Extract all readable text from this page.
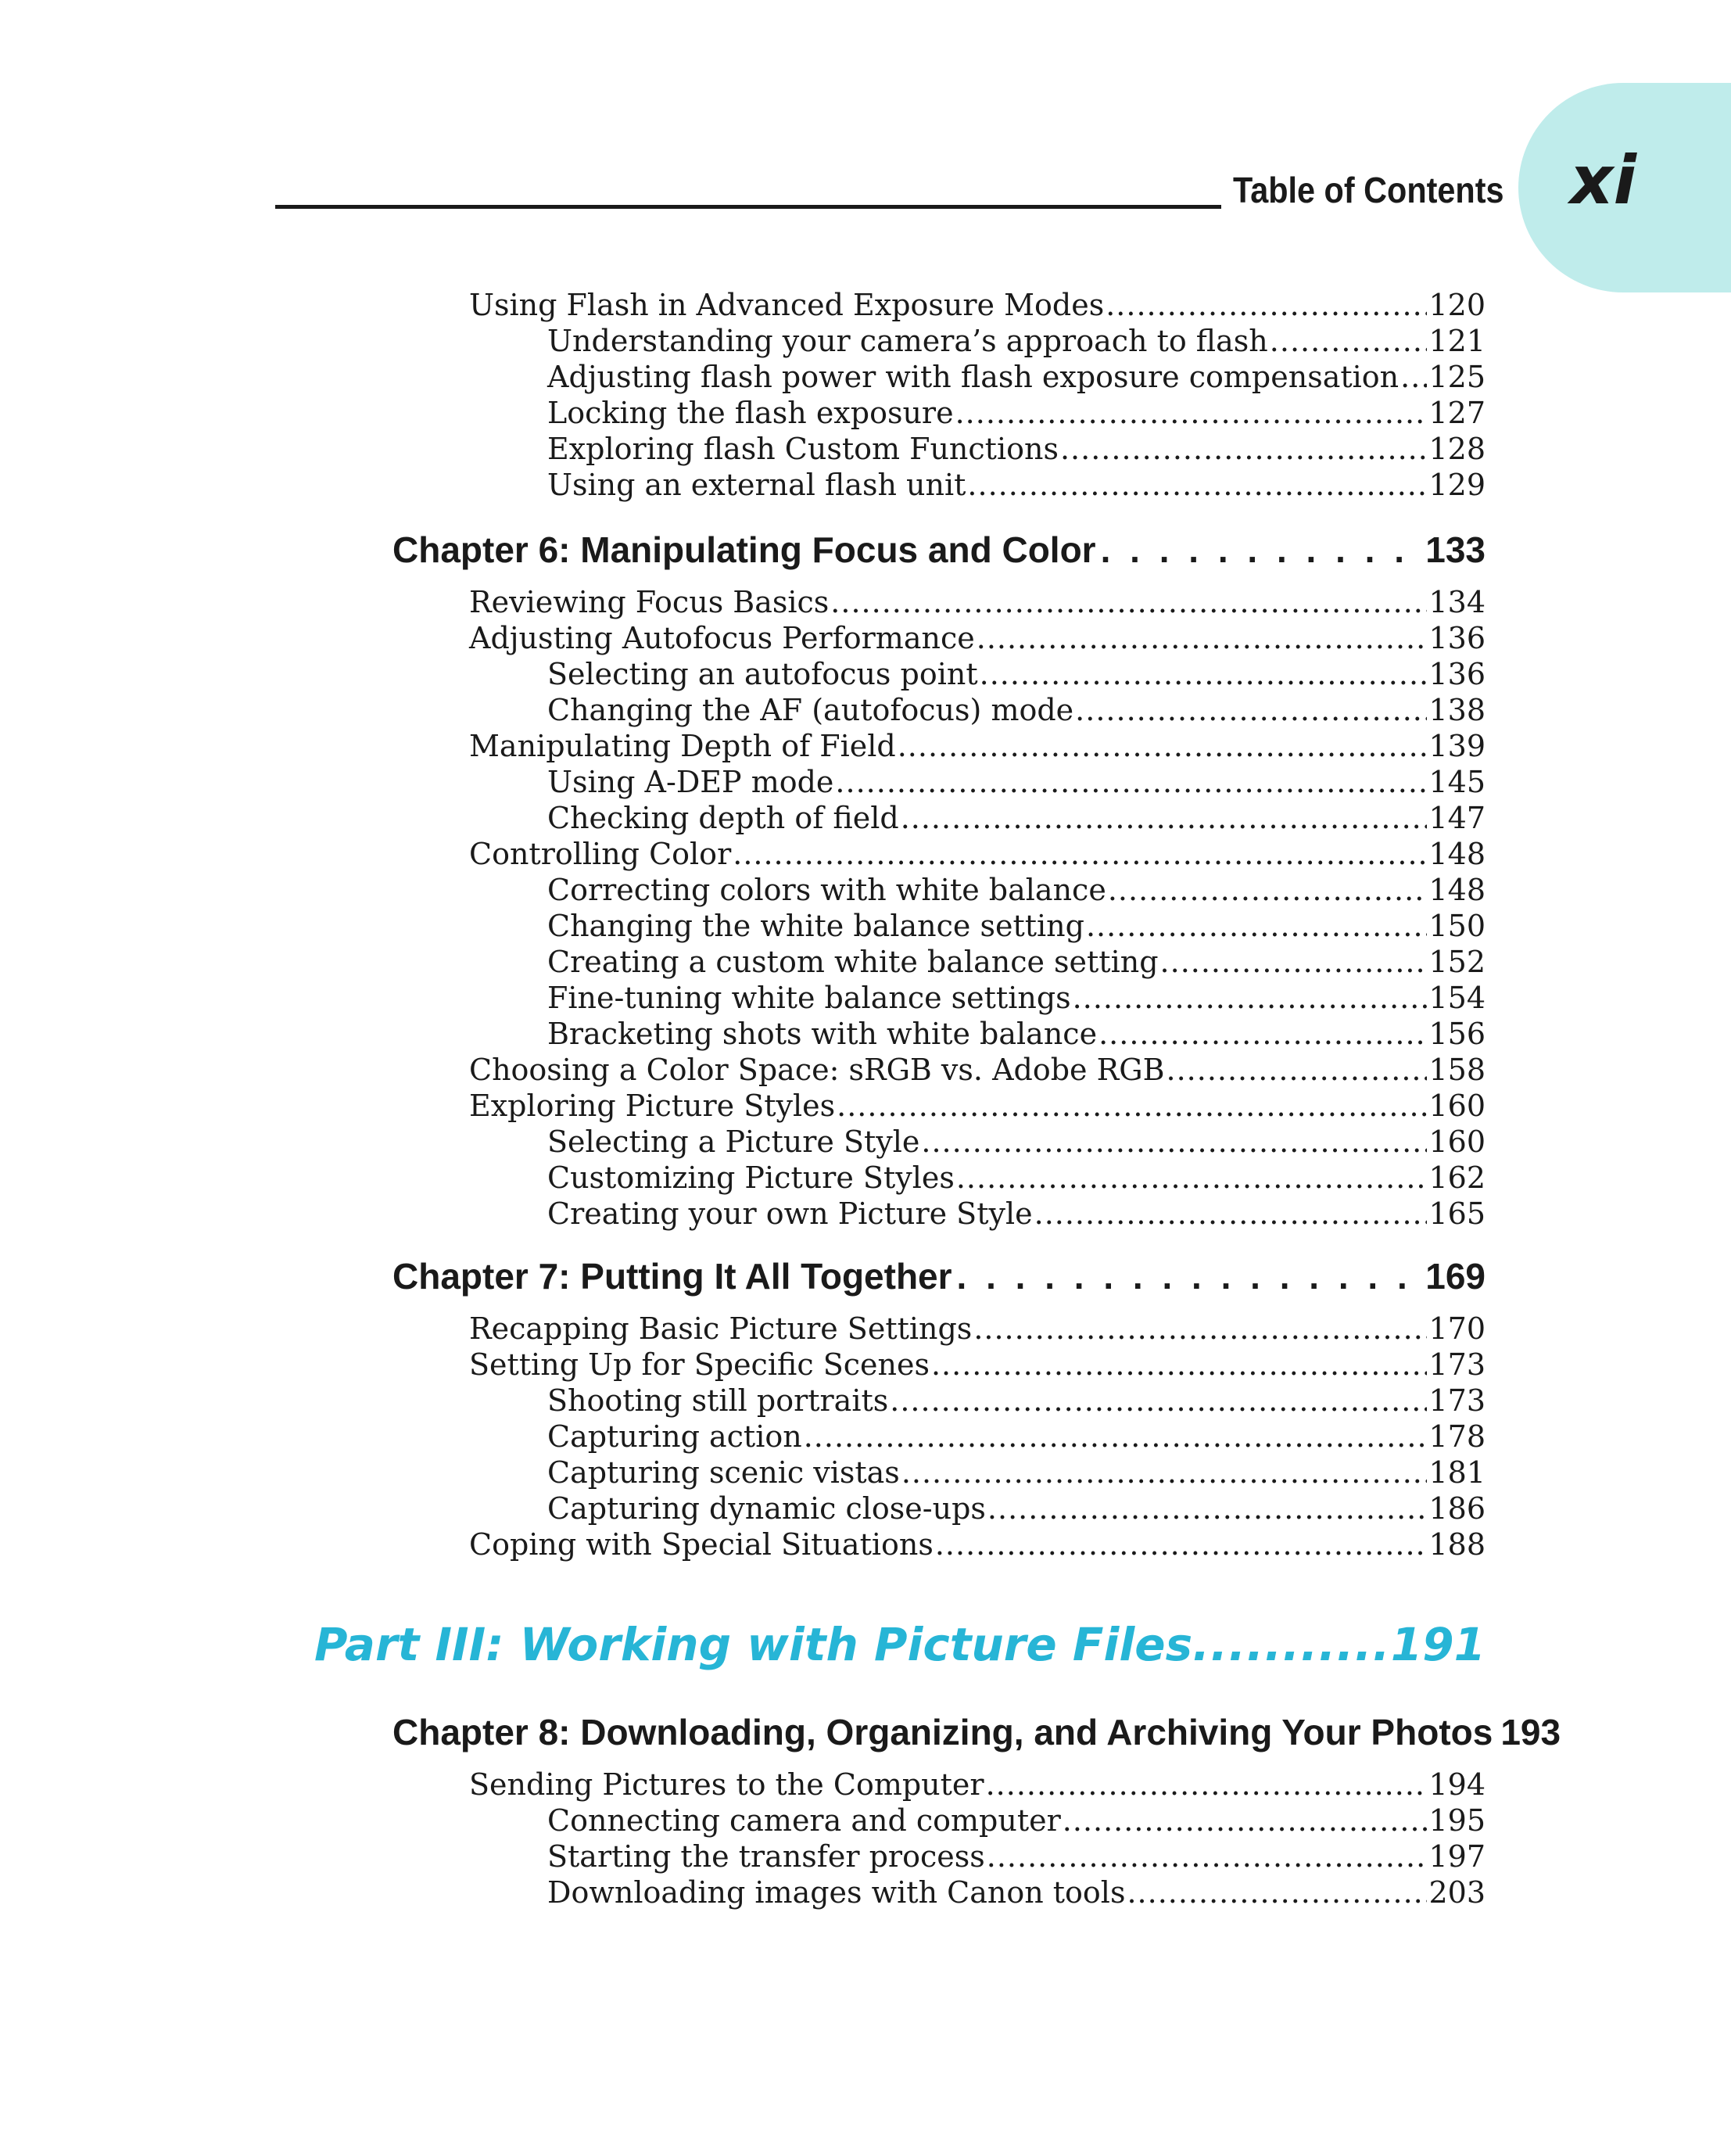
xi
Table of Contents
Using Flash in Advanced Exposure Modes .....	120
Understanding your camera’s approach to flash .....	121
Adjusting flash power with flash exposure compensation ..... 125
Locking the flash exposure .....	127
Exploring flash Custom Functions .....	128
Using an external flash unit .....	129
Chapter 6: Manipulating Focus and Color . .	133
Reviewing Focus Basics .....	134
Adjusting Autofocus Performance .....	136
Selecting an autofocus point .....	136
Changing the AF (autofocus) mode .....	138
Manipulating Depth of Field .....	139
Using A-DEP mode .....	145
Checking depth of field .....	147
Controlling Color .....	148
Correcting colors with white balance .....	148
Changing the white balance setting .....	150
Creating a custom white balance setting .....	152
Fine-tuning white balance settings .....	154
Bracketing shots with white balance .....	156
Choosing a Color Space: sRGB vs. Adobe RGB .....	158
Exploring Picture Styles .....	160
Selecting a Picture Style .....	160
Customizing Picture Styles .....	162
Creating your own Picture Style .....	165
Chapter 7: Putting It All Together . .	169
Recapping Basic Picture Settings .....	170
Setting Up for Specific Scenes .....	173
Shooting still portraits .....	173
Capturing action .....	178
Capturing scenic vistas .....	181
Capturing dynamic close-ups .....	186
Coping with Special Situations .....	188
Part III: Working with Picture Files .....	191
Chapter 8: Downloading, Organizing, and Archiving Your Photos . . 193
Sending Pictures to the Computer .....	194
Connecting camera and computer .....	195
Starting the transfer process .....	197
Downloading images with Canon tools .....	203
